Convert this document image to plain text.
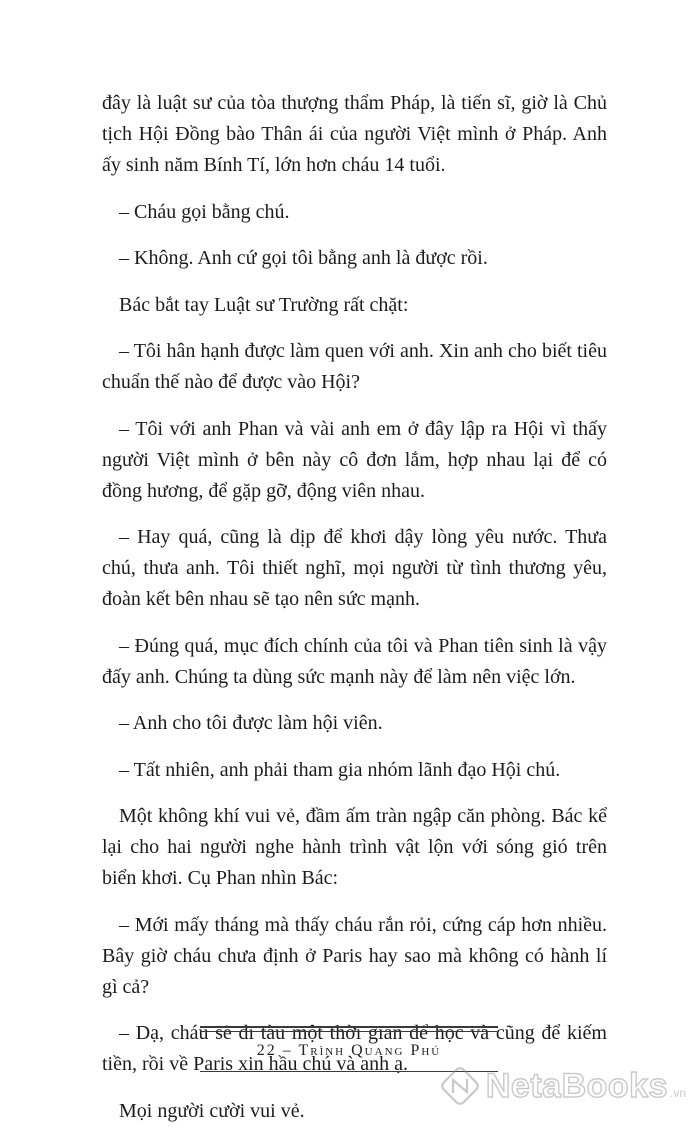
đây là luật sư của tòa thượng thẩm Pháp, là tiến sĩ, giờ là Chủ tịch Hội Đồng bào Thân ái của người Việt mình ở Pháp. Anh ấy sinh năm Bính Tí, lớn hơn cháu 14 tuổi.

– Cháu gọi bằng chú.

– Không. Anh cứ gọi tôi bằng anh là được rồi.

Bác bắt tay Luật sư Trường rất chặt:

– Tôi hân hạnh được làm quen với anh. Xin anh cho biết tiêu chuẩn thế nào để được vào Hội?

– Tôi với anh Phan và vài anh em ở đây lập ra Hội vì thấy người Việt mình ở bên này cô đơn lắm, hợp nhau lại để có đồng hương, để gặp gỡ, động viên nhau.

– Hay quá, cũng là dịp để khơi dậy lòng yêu nước. Thưa chú, thưa anh. Tôi thiết nghĩ, mọi người từ tình thương yêu, đoàn kết bên nhau sẽ tạo nên sức mạnh.

– Đúng quá, mục đích chính của tôi và Phan tiên sinh là vậy đấy anh. Chúng ta dùng sức mạnh này để làm nên việc lớn.

– Anh cho tôi được làm hội viên.

– Tất nhiên, anh phải tham gia nhóm lãnh đạo Hội chú.

Một không khí vui vẻ, đầm ấm tràn ngập căn phòng. Bác kể lại cho hai người nghe hành trình vật lộn với sóng gió trên biển khơi. Cụ Phan nhìn Bác:

– Mới mấy tháng mà thấy cháu rắn rỏi, cứng cáp hơn nhiều. Bây giờ cháu chưa định ở Paris hay sao mà không có hành lí gì cả?

– Dạ, cháu sẽ đi tàu một thời gian để học và cũng để kiếm tiền, rồi về Paris xin hầu chú và anh ạ.

Mọi người cười vui vẻ.

22 – Trình Quang Phú
NetaBooks .vn
